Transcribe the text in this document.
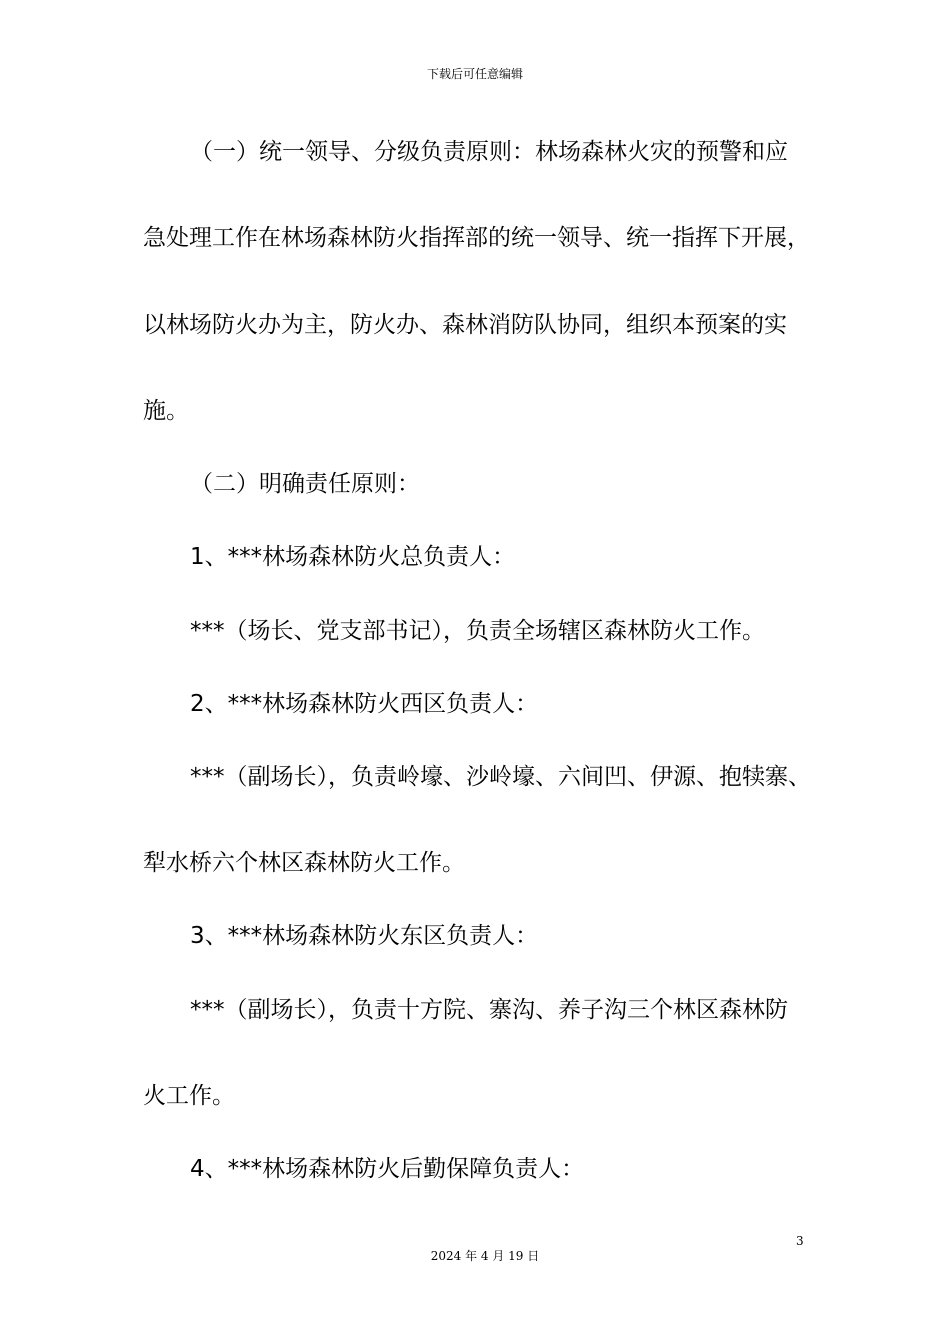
下载后可任意编辑
（一）统一领导、分级负责原则：林场森林火灾的预警和应
急处理工作在林场森林防火指挥部的统一领导、统一指挥下开展，
以林场防火办为主，防火办、森林消防队协同，组织本预案的实
施。
（二）明确责任原则：
1、***林场森林防火总负责人：
***（场长、党支部书记），负责全场辖区森林防火工作。
2、***林场森林防火西区负责人：
***（副场长），负责岭壕、沙岭壕、六间凹、伊源、抱犊寨、
犁水桥六个林区森林防火工作。
3、***林场森林防火东区负责人：
***（副场长），负责十方院、寨沟、养子沟三个林区森林防
火工作。
4、***林场森林防火后勤保障负责人：
3
2024 年 4 月 19 日
